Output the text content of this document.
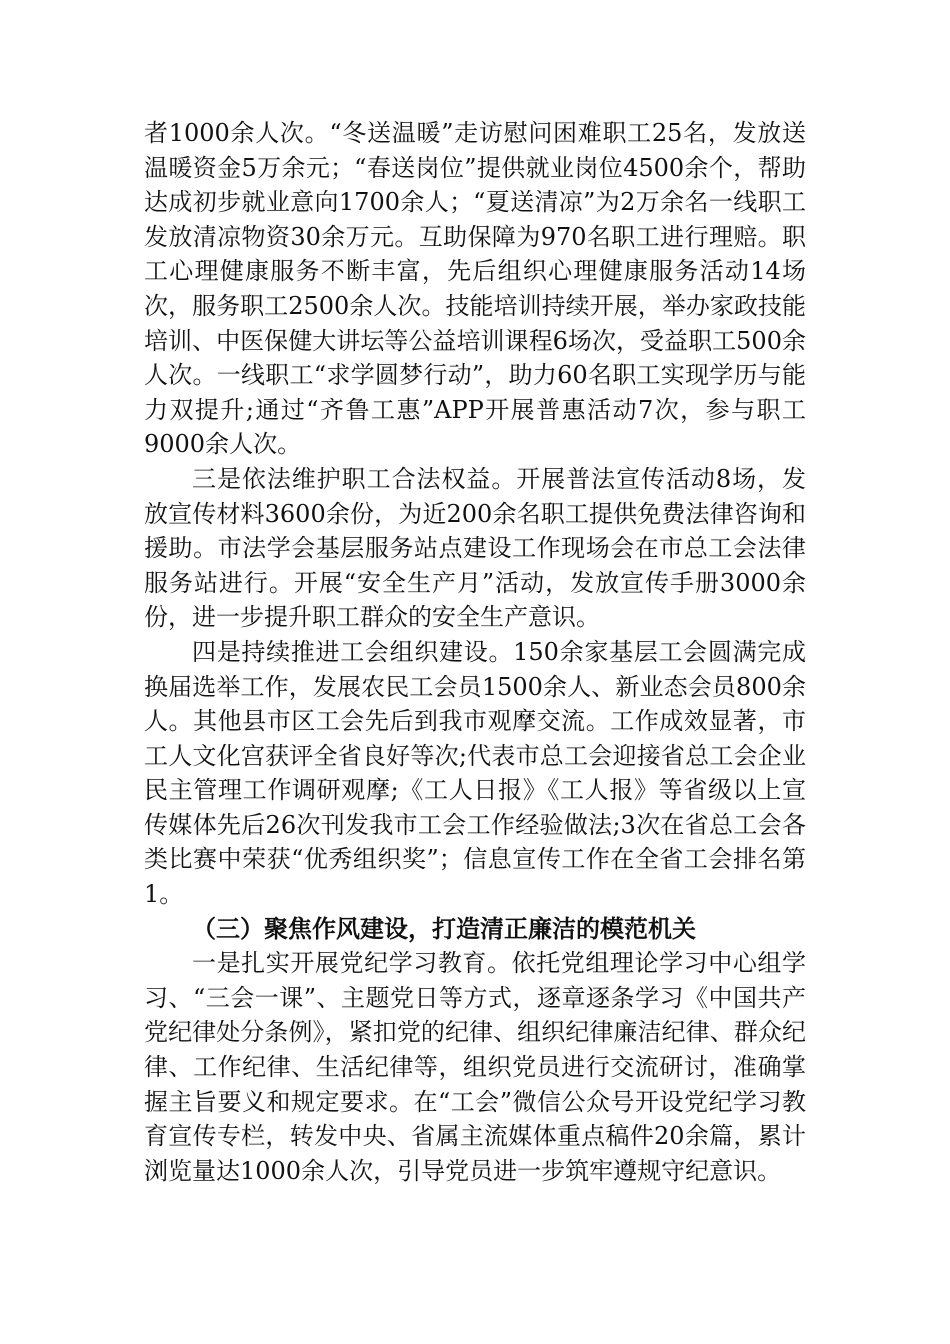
者1000余人次。“冬送温暖”走访慰问困难职工25名，发放送温暖资金5万余元；“春送岗位”提供就业岗位4500余个，帮助达成初步就业意向1700余人；“夏送清凉”为2万余名一线职工发放清凉物资30余万元。互助保障为970名职工进行理赔。职工心理健康服务不断丰富，先后组织心理健康服务活动14场次，服务职工2500余人次。技能培训持续开展，举办家政技能培训、中医保健大讲坛等公益培训课程6场次，受益职工500余人次。一线职工“求学圆梦行动”，助力60名职工实现学历与能力双提升;通过“齐鲁工惠”APP开展普惠活动7次，参与职工9000余人次。

三是依法维护职工合法权益。开展普法宣传活动8场，发放宣传材料3600余份，为近200余名职工提供免费法律咨询和援助。市法学会基层服务站点建设工作现场会在市总工会法律服务站进行。开展“安全生产月”活动，发放宣传手册3000余份，进一步提升职工群众的安全生产意识。

四是持续推进工会组织建设。150余家基层工会圆满完成换届选举工作，发展农民工会员1500余人、新业态会员800余人。其他县市区工会先后到我市观摩交流。工作成效显著，市工人文化宫获评全省良好等次;代表市总工会迎接省总工会企业民主管理工作调研观摩;《工人日报》《工人报》等省级以上宣传媒体先后26次刊发我市工会工作经验做法;3次在省总工会各类比赛中荣获“优秀组织奖”；信息宣传工作在全省工会排名第1。

（三）聚焦作风建设，打造清正廉洁的模范机关

一是扎实开展党纪学习教育。依托党组理论学习中心组学习、“三会一课”、主题党日等方式，逐章逐条学习《中国共产党纪律处分条例》，紧扣党的纪律、组织纪律廉洁纪律、群众纪律、工作纪律、生活纪律等，组织党员进行交流研讨，准确掌握主旨要义和规定要求。在“工会”微信公众号开设党纪学习教育宣传专栏，转发中央、省属主流媒体重点稿件20余篇，累计浏览量达1000余人次，引导党员进一步筑牢遵规守纪意识。
